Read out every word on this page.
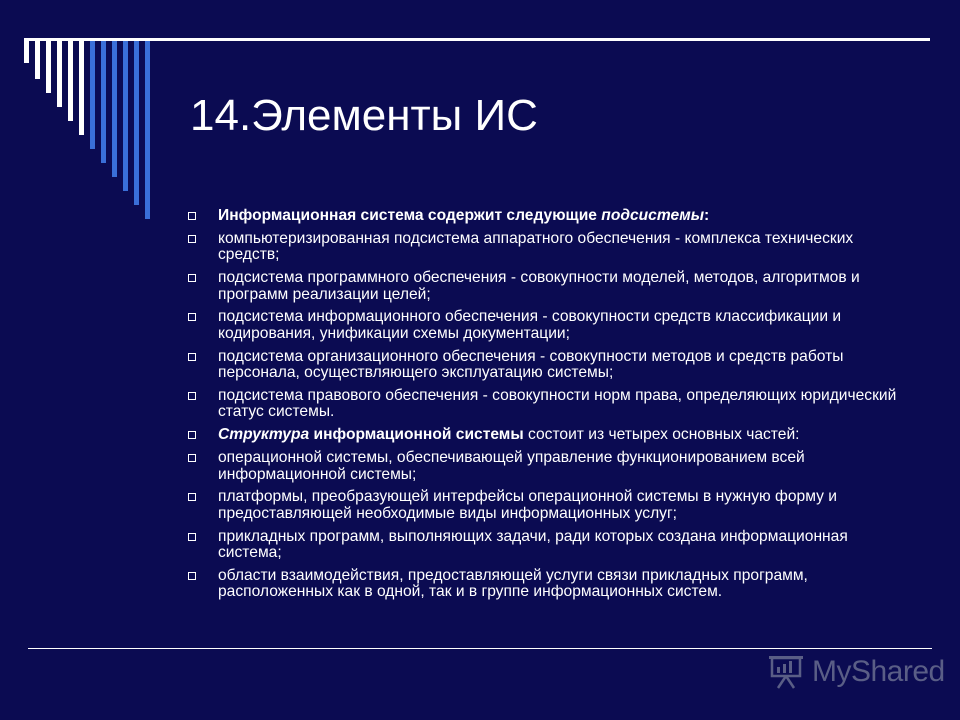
14.Элементы ИС
Информационная система содержит следующие подсистемы:
компьютеризированная подсистема аппаратного обеспечения - комплекса технических средств;
подсистема программного обеспечения - совокупности моделей, методов, алгоритмов и программ реализации целей;
подсистема информационного обеспечения - совокупности средств классификации и кодирования, унификации схемы документации;
подсистема организационного обеспечения - совокупности методов и средств работы персонала, осуществляющего эксплуатацию системы;
подсистема правового обеспечения - совокупности норм права, определяющих юридический статус системы.
Структура информационной системы состоит из четырех основных частей:
операционной системы, обеспечивающей управление функционированием всей информационной системы;
платформы, преобразующей интерфейсы операционной системы в нужную форму и предоставляющей необходимые виды информационных услуг;
прикладных программ, выполняющих задачи, ради которых создана информационная система;
области взаимодействия, предоставляющей услуги связи прикладных программ, расположенных как в одной, так и в группе информационных систем.
MyShared
